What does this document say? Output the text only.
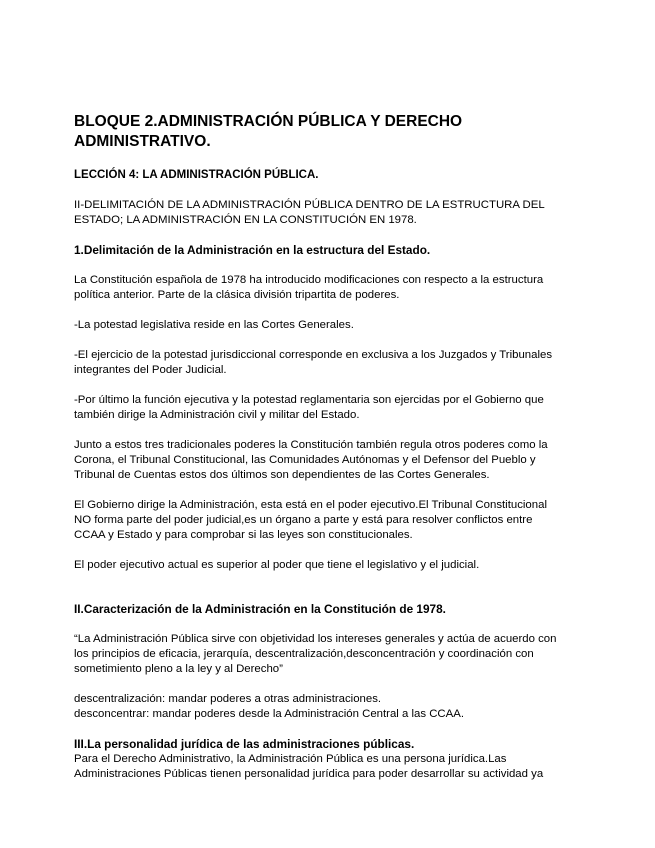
BLOQUE 2.ADMINISTRACIÓN PÚBLICA Y DERECHO ADMINISTRATIVO.
LECCIÓN 4: LA ADMINISTRACIÓN PÚBLICA.
II-DELIMITACIÓN DE LA ADMINISTRACIÓN PÚBLICA DENTRO DE LA ESTRUCTURA DEL ESTADO; LA ADMINISTRACIÓN EN LA CONSTITUCIÓN EN 1978.
1.Delimitación de la Administración en la estructura del Estado.
La Constitución española de 1978 ha introducido modificaciones con respecto a la estructura política anterior. Parte de la clásica división tripartita de poderes.
-La potestad legislativa reside en las Cortes Generales.
-El ejercicio de la potestad jurisdiccional corresponde en exclusiva a los Juzgados y Tribunales integrantes del Poder Judicial.
-Por último la función ejecutiva y la potestad reglamentaria son ejercidas por el Gobierno que también dirige la Administración civil y militar del Estado.
Junto a estos tres tradicionales poderes la Constitución también regula otros poderes como la Corona, el Tribunal Constitucional, las Comunidades Autónomas y el Defensor del Pueblo y Tribunal de Cuentas estos dos últimos son dependientes de las Cortes Generales.
El Gobierno dirige la Administración, esta está en el poder ejecutivo.El Tribunal Constitucional NO forma parte del poder judicial,es un órgano a parte y está para resolver conflictos entre CCAA y Estado y para comprobar si las leyes son constitucionales.
El poder ejecutivo actual es superior al poder que tiene el legislativo y el judicial.
II.Caracterización de la Administración en la Constitución de 1978.
“La Administración Pública sirve con objetividad los intereses generales y actúa de acuerdo con los principios de eficacia, jerarquía, descentralización,desconcentración y coordinación con sometimiento pleno a la ley y al Derecho”
descentralización: mandar poderes a otras administraciones.
desconcentrar: mandar poderes desde la Administración Central a las CCAA.
III.La personalidad jurídica de las administraciones públicas.
Para el Derecho Administrativo, la Administración Pública es una persona jurídica.Las Administraciones Públicas tienen personalidad jurídica para poder desarrollar su actividad ya
